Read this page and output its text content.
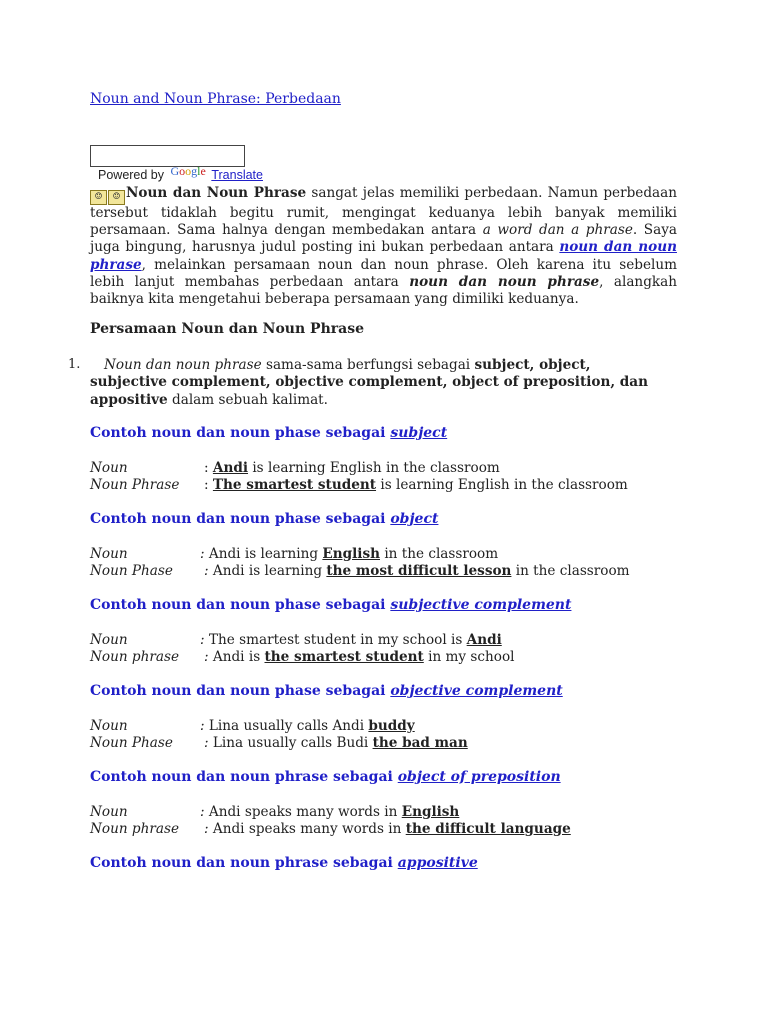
Noun and Noun Phrase: Perbedaan
Powered by Google Translate
☺ ☺ Noun dan Noun Phrase sangat jelas memiliki perbedaan. Namun perbedaan tersebut tidaklah begitu rumit, mengingat keduanya lebih banyak memiliki persamaan. Sama halnya dengan membedakan antara a word dan a phrase. Saya juga bingung, harusnya judul posting ini bukan perbedaan antara noun dan noun phrase, melainkan persamaan noun dan noun phrase. Oleh karena itu sebelum lebih lanjut membahas perbedaan antara noun dan noun phrase, alangkah baiknya kita mengetahui beberapa persamaan yang dimiliki keduanya.
Persamaan Noun dan Noun Phrase
1.	Noun dan noun phrase sama-sama berfungsi sebagai subject, object, subjective complement, objective complement, object of preposition, dan appositive dalam sebuah kalimat.
Contoh noun dan noun phase sebagai subject
Noun	: Andi is learning English in the classroom
Noun Phrase : The smartest student is learning English in the classroom
Contoh noun dan noun phase sebagai object
Noun	: Andi is learning English in the classroom
Noun Phase : Andi is learning the most difficult lesson in the classroom
Contoh noun dan noun phase sebagai subjective complement
Noun	: The smartest student in my school is Andi
Noun phrase : Andi is the smartest student in my school
Contoh noun dan noun phase sebagai objective complement
Noun	: Lina usually calls Andi buddy
Noun Phase : Lina usually calls Budi the bad man
Contoh noun dan noun phrase sebagai object of preposition
Noun	: Andi speaks many words in English
Noun phrase : Andi speaks many words in the difficult language
Contoh noun dan noun phrase sebagai appositive
